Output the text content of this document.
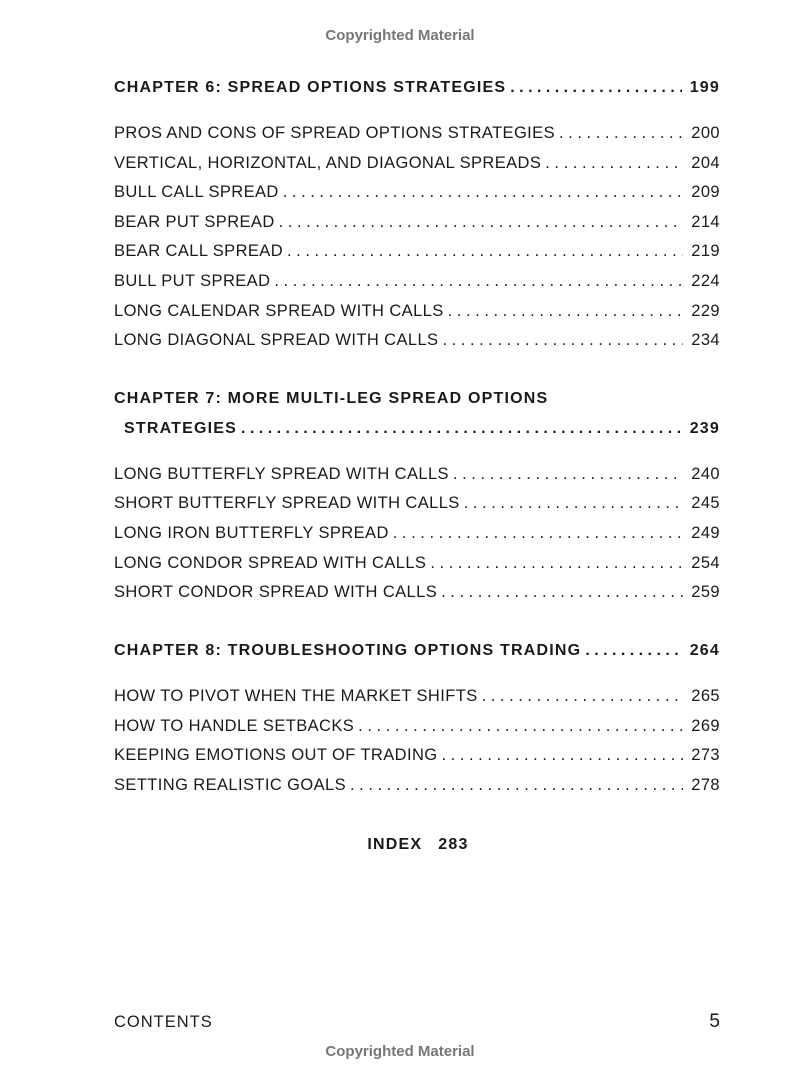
Copyrighted Material
CHAPTER 6: SPREAD OPTIONS STRATEGIES . . .	199
PROS AND CONS OF SPREAD OPTIONS STRATEGIES . . .	200
VERTICAL, HORIZONTAL, AND DIAGONAL SPREADS . . .	204
BULL CALL SPREAD . . .	209
BEAR PUT SPREAD . . .	214
BEAR CALL SPREAD . . .	219
BULL PUT SPREAD . . .	224
LONG CALENDAR SPREAD WITH CALLS . . .	229
LONG DIAGONAL SPREAD WITH CALLS . . .	234
CHAPTER 7: MORE MULTI-LEG SPREAD OPTIONS
STRATEGIES . . .	239
LONG BUTTERFLY SPREAD WITH CALLS . . .	240
SHORT BUTTERFLY SPREAD WITH CALLS . . .	245
LONG IRON BUTTERFLY SPREAD . . .	249
LONG CONDOR SPREAD WITH CALLS . . .	254
SHORT CONDOR SPREAD WITH CALLS . . .	259
CHAPTER 8: TROUBLESHOOTING OPTIONS TRADING . . .	264
HOW TO PIVOT WHEN THE MARKET SHIFTS . . .	265
HOW TO HANDLE SETBACKS . . .	269
KEEPING EMOTIONS OUT OF TRADING . . .	273
SETTING REALISTIC GOALS . . .	278
INDEX 283
CONTENTS	5
Copyrighted Material
